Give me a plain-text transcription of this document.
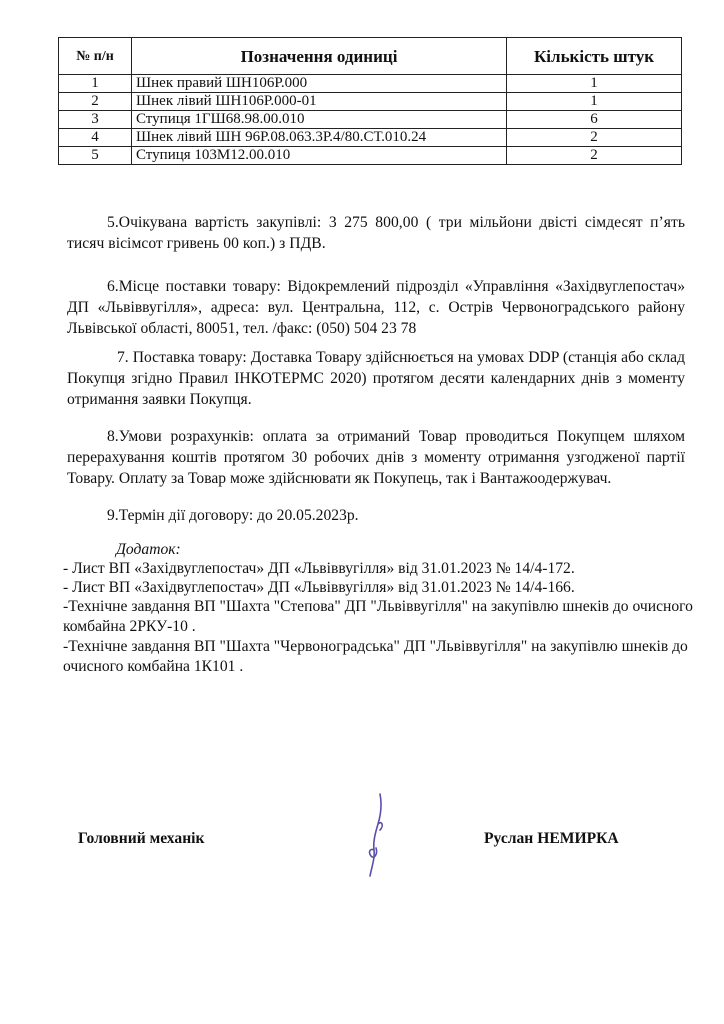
№ п/н	Позначення одиниці	Кількість штук
1	Шнек правий ШН106Р.000	1
2	Шнек лівий ШН106Р.000-01	1
3	Ступиця 1ГШ68.98.00.010	6
4	Шнек лівий ШН 96Р.08.063.3Р.4/80.СТ.010.24	2
5	Ступиця 103М12.00.010	2

5.Очікувана вартість закупівлі: 3 275 800,00 ( три мільйони двісті сімдесят п’ять тисяч вісімсот гривень 00 коп.) з ПДВ.

6.Місце поставки товару: Відокремлений підрозділ «Управління «Західвуглепостач» ДП «Львіввугілля», адреса: вул. Центральна, 112, с. Острів Червоноградського району Львівської області, 80051, тел. /факс: (050) 504 23 78

7. Поставка товару: Доставка Товару здійснюється на умовах DDP (станція або склад Покупця згідно Правил ІНКОТЕРМС 2020) протягом десяти календарних днів з моменту отримання заявки Покупця.

8.Умови розрахунків: оплата за отриманий Товар проводиться Покупцем шляхом перерахування коштів протягом 30 робочих днів з моменту отримання узгодженої партії Товару. Оплату за Товар може здійснювати як Покупець, так і Вантажоодержувач.

9.Термін дії договору: до 20.05.2023р.

Додаток:
- Лист ВП «Західвуглепостач» ДП «Львіввугілля» від 31.01.2023 № 14/4-172.
- Лист ВП «Західвуглепостач» ДП «Львіввугілля» від 31.01.2023 № 14/4-166.
-Технічне завдання ВП "Шахта "Степова" ДП "Львіввугілля" на закупівлю шнеків до очисного комбайна 2РКУ-10 .
-Технічне завдання ВП "Шахта "Червоноградська" ДП "Львіввугілля" на закупівлю шнеків до очисного комбайна 1К101 .
Головний механік	Руслан НЕМИРКА
